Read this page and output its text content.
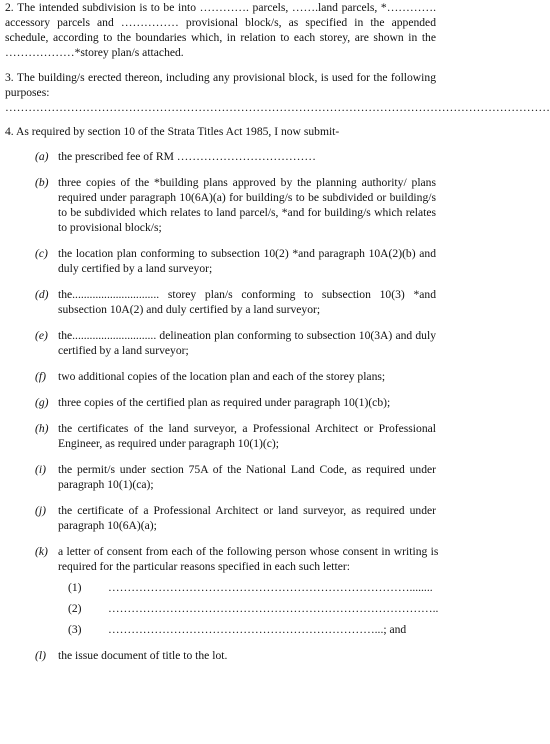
2. The intended subdivision is to be into …………. parcels, …….land parcels, *…………. accessory parcels and …………… provisional block/s, as specified in the appended schedule, according to the boundaries which, in relation to each storey, are shown in the ………………*storey plan/s attached.

3. The building/s erected thereon, including any provisional block, is used for the following purposes:

……………………………………………………………………………………………………………………………

4. As required by section 10 of the Strata Titles Act 1985, I now submit-

(a) the prescribed fee of RM ………………………………
(b) three copies of the *building plans approved by the planning authority/ plans required under paragraph 10(6A)(a) for building/s to be subdivided or building/s to be subdivided which relates to land parcel/s, *and for building/s which relates to provisional block/s;
(c) the location plan conforming to subsection 10(2) *and paragraph 10A(2)(b) and duly certified by a land surveyor;
(d) the.............................. storey plan/s conforming to subsection 10(3) *and subsection 10A(2) and duly certified by a land surveyor;
(e) the............................. delineation plan conforming to subsection 10(3A) and duly certified by a land surveyor;
(f)	two additional copies of the location plan and each of the storey plans;
(g) three copies of the certified plan as required under paragraph 10(1)(cb);
(h) the certificates of the land surveyor, a Professional Architect or Professional Engineer, as required under paragraph 10(1)(c);
(i)	the permit/s under section 75A of the National Land Code, as required under paragraph 10(1)(ca);
(j)	the certificate of a Professional Architect or land surveyor, as required under paragraph 10(6A)(a);
(k) a letter of consent from each of the following person whose consent in writing is required for the particular reasons specified in each such letter:
(1)	……………………………………………………………………........
(2)	…………………………………………………………………………..
(3)	……………………………………………………………...; and
(l)	the issue document of title to the lot.
